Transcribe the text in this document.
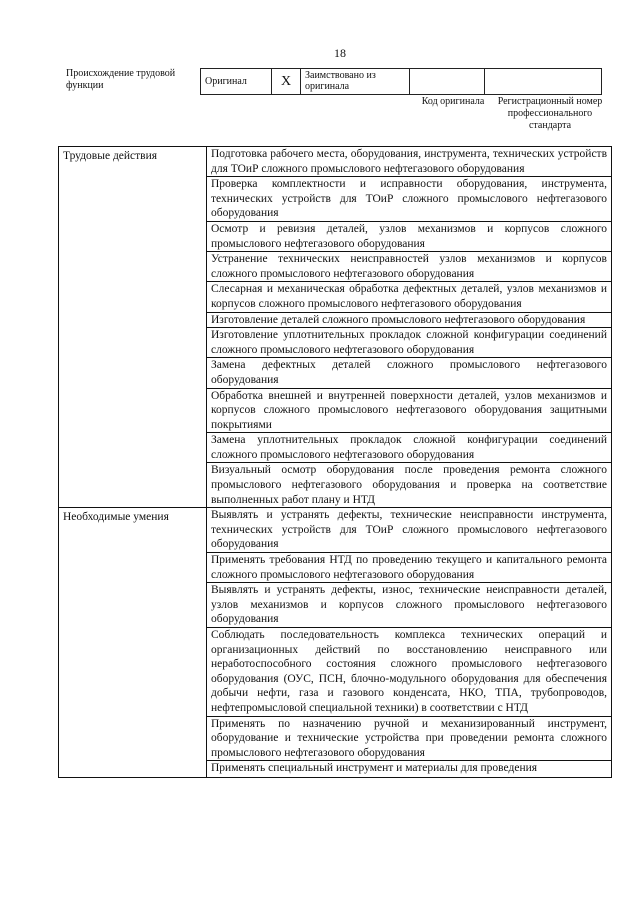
18
Происхождение трудовой функции	Оригинал	X	Заимствовано из оригинала		
Код оригинала	Регистрационный номер профессионального стандарта
Трудовые действия	Подготовка рабочего места, оборудования, инструмента, технических устройств для ТОиР сложного промыслового нефтегазового оборудования
	Проверка комплектности и исправности оборудования, инструмента, технических устройств для ТОиР сложного промыслового нефтегазового оборудования
	Осмотр и ревизия деталей, узлов механизмов и корпусов сложного промыслового нефтегазового оборудования
	Устранение технических неисправностей узлов механизмов и корпусов сложного промыслового нефтегазового оборудования
	Слесарная и механическая обработка дефектных деталей, узлов механизмов и корпусов сложного промыслового нефтегазового оборудования
	Изготовление деталей сложного промыслового нефтегазового оборудования
	Изготовление уплотнительных прокладок сложной конфигурации соединений сложного промыслового нефтегазового оборудования
	Замена дефектных деталей сложного промыслового нефтегазового оборудования
	Обработка внешней и внутренней поверхности деталей, узлов механизмов и корпусов сложного промыслового нефтегазового оборудования защитными покрытиями
	Замена уплотнительных прокладок сложной конфигурации соединений сложного промыслового нефтегазового оборудования
	Визуальный осмотр оборудования после проведения ремонта сложного промыслового нефтегазового оборудования и проверка на соответствие выполненных работ плану и НТД
Необходимые умения	Выявлять и устранять дефекты, технические неисправности инструмента, технических устройств для ТОиР сложного промыслового нефтегазового оборудования
	Применять требования НТД по проведению текущего и капитального ремонта сложного промыслового нефтегазового оборудования
	Выявлять и устранять дефекты, износ, технические неисправности деталей, узлов механизмов и корпусов сложного промыслового нефтегазового оборудования
	Соблюдать последовательность комплекса технических операций и организационных действий по восстановлению неисправного или неработоспособного состояния сложного промыслового нефтегазового оборудования (ОУС, ПСН, блочно-модульного оборудования для обеспечения добычи нефти, газа и газового конденсата, НКО, ТПА, трубопроводов, нефтепромысловой специальной техники) в соответствии с НТД
	Применять по назначению ручной и механизированный инструмент, оборудование и технические устройства при проведении ремонта сложного промыслового нефтегазового оборудования

	Применять специальный инструмент и материалы для проведения
